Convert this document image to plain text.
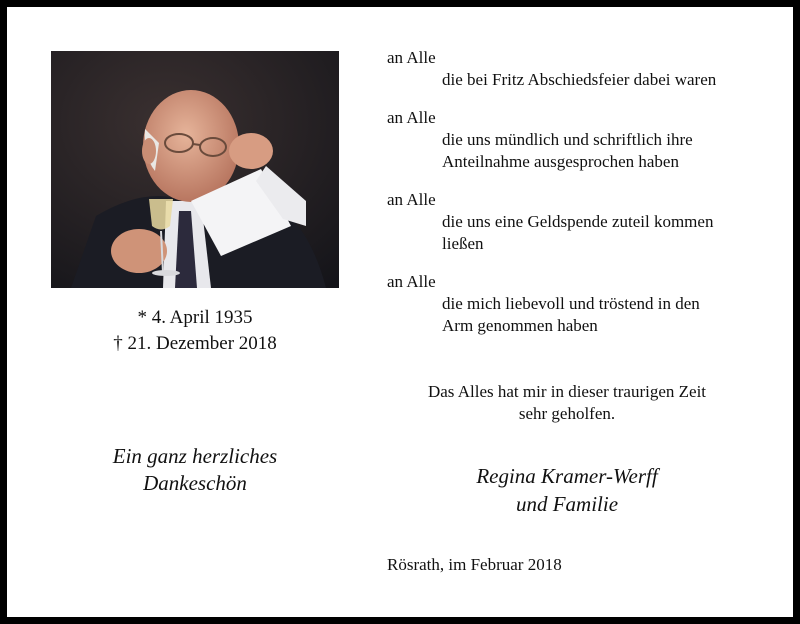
* 4. April 1935
† 21. Dezember 2018
Ein ganz herzliches
Dankeschön
an Alle
die bei Fritz Abschiedsfeier dabei waren
an Alle
die uns mündlich und schriftlich ihre
Anteilnahme ausgesprochen haben
an Alle
die uns eine Geldspende zuteil kommen
ließen
an Alle
die mich liebevoll und tröstend in den
Arm genommen haben
Das Alles hat mir in dieser traurigen Zeit
sehr geholfen.
Regina Kramer-Werff
und Familie
Rösrath, im Februar 2018
